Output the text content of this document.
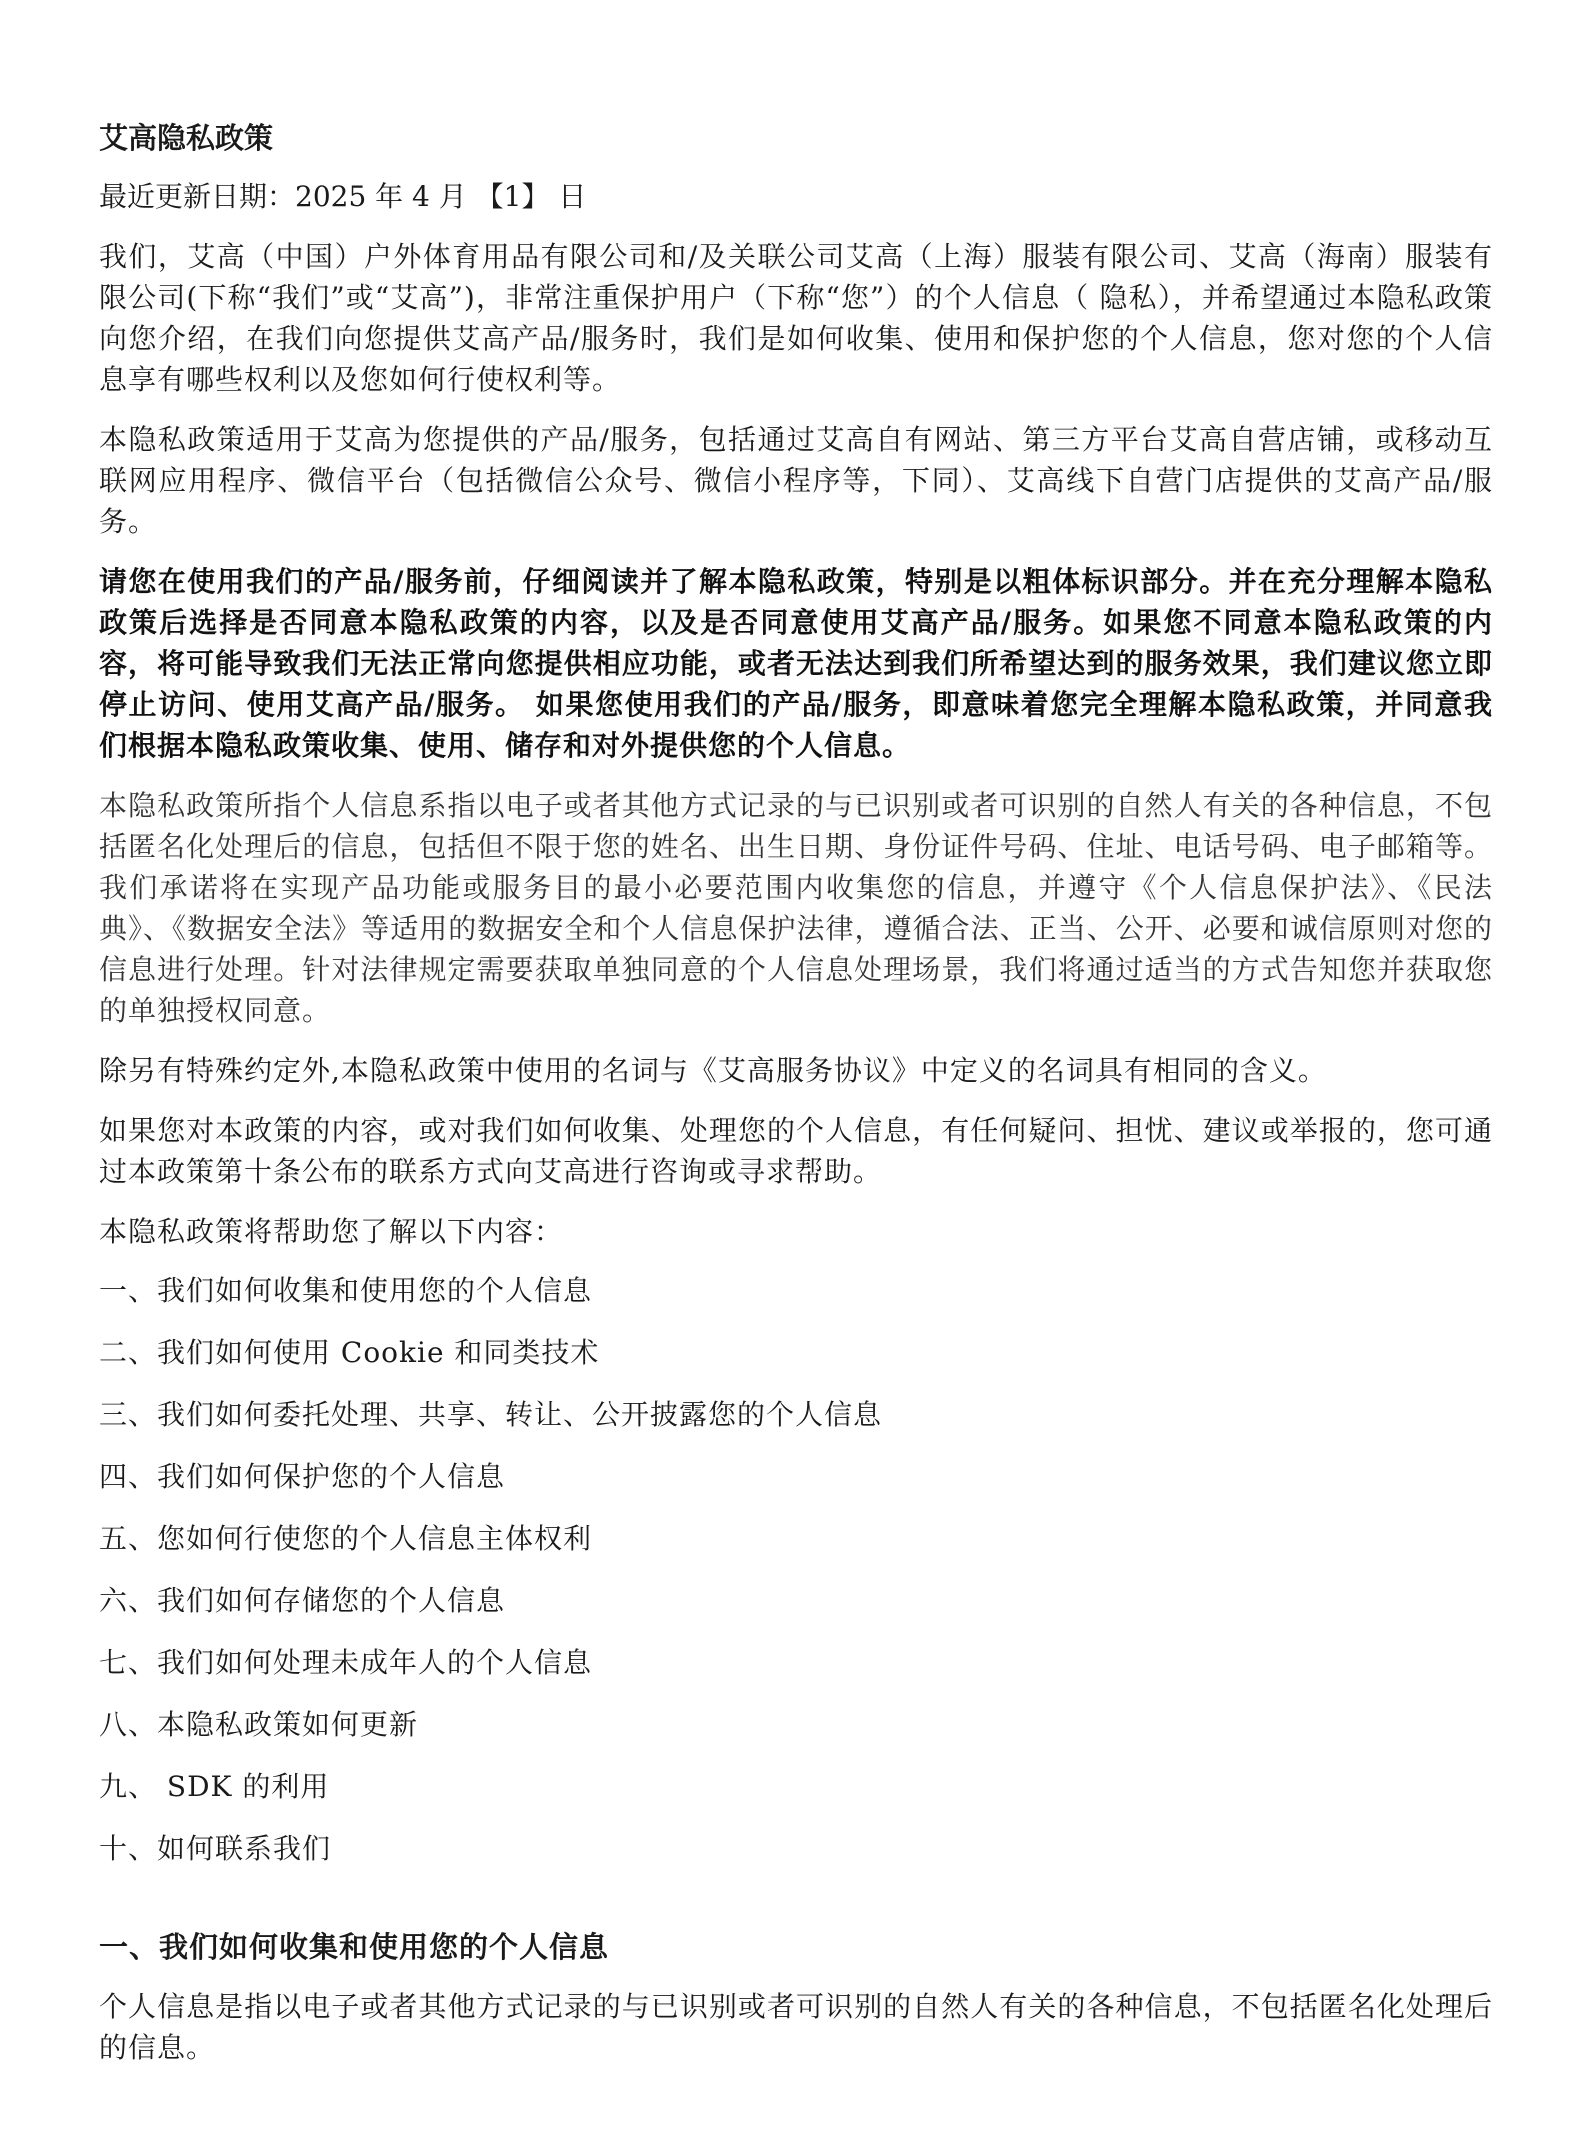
艾高隐私政策
最近更新日期：2025 年 4 月 【1】 日

我们，艾高（中国）户外体育用品有限公司和/及关联公司艾高（上海）服装有限公司、艾高（海南）服装有限公司(下称“我们”或“艾高”)，非常注重保护用户（下称“您”）的个人信息（ 隐私），并希望通过本隐私政策向您介绍，在我们向您提供艾高产品/服务时，我们是如何收集、使用和保护您的个人信息，您对您的个人信息享有哪些权利以及您如何行使权利等。

本隐私政策适用于艾高为您提供的产品/服务，包括通过艾高自有网站、第三方平台艾高自营店铺，或移动互联网应用程序、微信平台（包括微信公众号、微信小程序等，下同）、艾高线下自营门店提供的艾高产品/服务。

请您在使用我们的产品/服务前，仔细阅读并了解本隐私政策，特别是以粗体标识部分。并在充分理解本隐私政策后选择是否同意本隐私政策的内容，以及是否同意使用艾高产品/服务。如果您不同意本隐私政策的内容，将可能导致我们无法正常向您提供相应功能，或者无法达到我们所希望达到的服务效果，我们建议您立即停止访问、使用艾高产品/服务。 如果您使用我们的产品/服务，即意味着您完全理解本隐私政策，并同意我们根据本隐私政策收集、使用、储存和对外提供您的个人信息。

本隐私政策所指个人信息系指以电子或者其他方式记录的与已识别或者可识别的自然人有关的各种信息，不包括匿名化处理后的信息，包括但不限于您的姓名、出生日期、身份证件号码、住址、电话号码、电子邮箱等。我们承诺将在实现产品功能或服务目的最小必要范围内收集您的信息，并遵守《个人信息保护法》、《民法典》、《数据安全法》等适用的数据安全和个人信息保护法律，遵循合法、正当、公开、必要和诚信原则对您的信息进行处理。针对法律规定需要获取单独同意的个人信息处理场景，我们将通过适当的方式告知您并获取您的单独授权同意。

除另有特殊约定外,本隐私政策中使用的名词与《艾高服务协议》中定义的名词具有相同的含义。

如果您对本政策的内容，或对我们如何收集、处理您的个人信息，有任何疑问、担忧、建议或举报的，您可通过本政策第十条公布的联系方式向艾高进行咨询或寻求帮助。

本隐私政策将帮助您了解以下内容：

一、我们如何收集和使用您的个人信息
二、我们如何使用 Cookie 和同类技术
三、我们如何委托处理、共享、转让、公开披露您的个人信息
四、我们如何保护您的个人信息
五、您如何行使您的个人信息主体权利
六、我们如何存储您的个人信息
七、我们如何处理未成年人的个人信息
八、本隐私政策如何更新
九、 SDK 的利用
十、如何联系我们
一、我们如何收集和使用您的个人信息

个人信息是指以电子或者其他方式记录的与已识别或者可识别的自然人有关的各种信息，不包括匿名化处理后的信息。
